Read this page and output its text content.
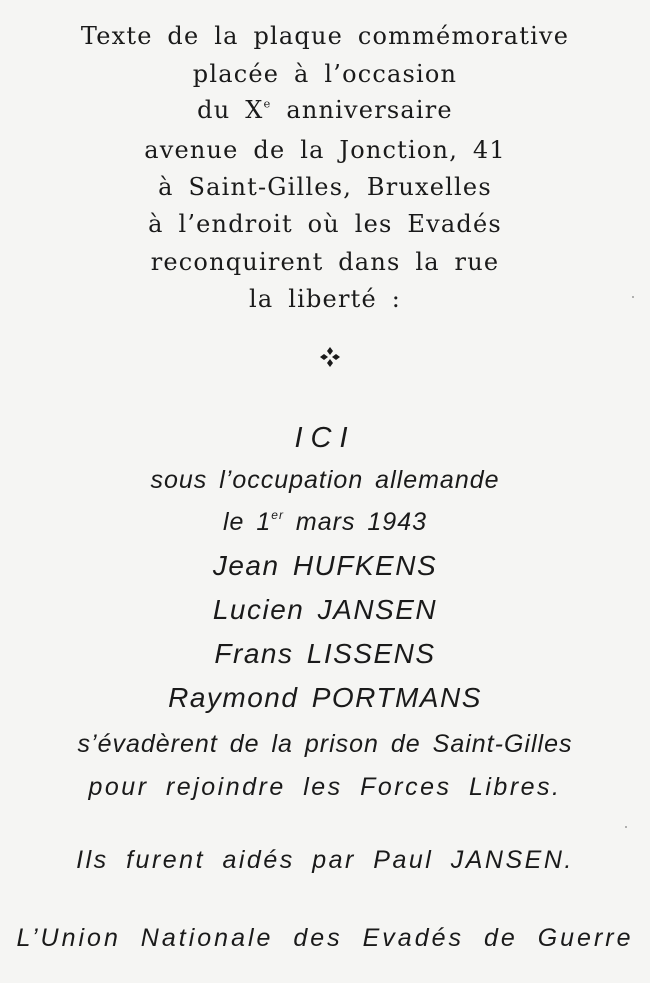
Texte de la plaque commémorative
placée à l’occasion
du Xe anniversaire
avenue de la Jonction, 41
à Saint-Gilles, Bruxelles
à l’endroit où les Evadés
reconquirent dans la rue
la liberté :
ICI
sous l’occupation allemande
le 1er mars 1943
Jean HUFKENS
Lucien JANSEN
Frans LISSENS
Raymond PORTMANS
s’évadèrent de la prison de Saint-Gilles
pour rejoindre les Forces Libres.
Ils furent aidés par Paul JANSEN.
L’Union Nationale des Evadés de Guerre
